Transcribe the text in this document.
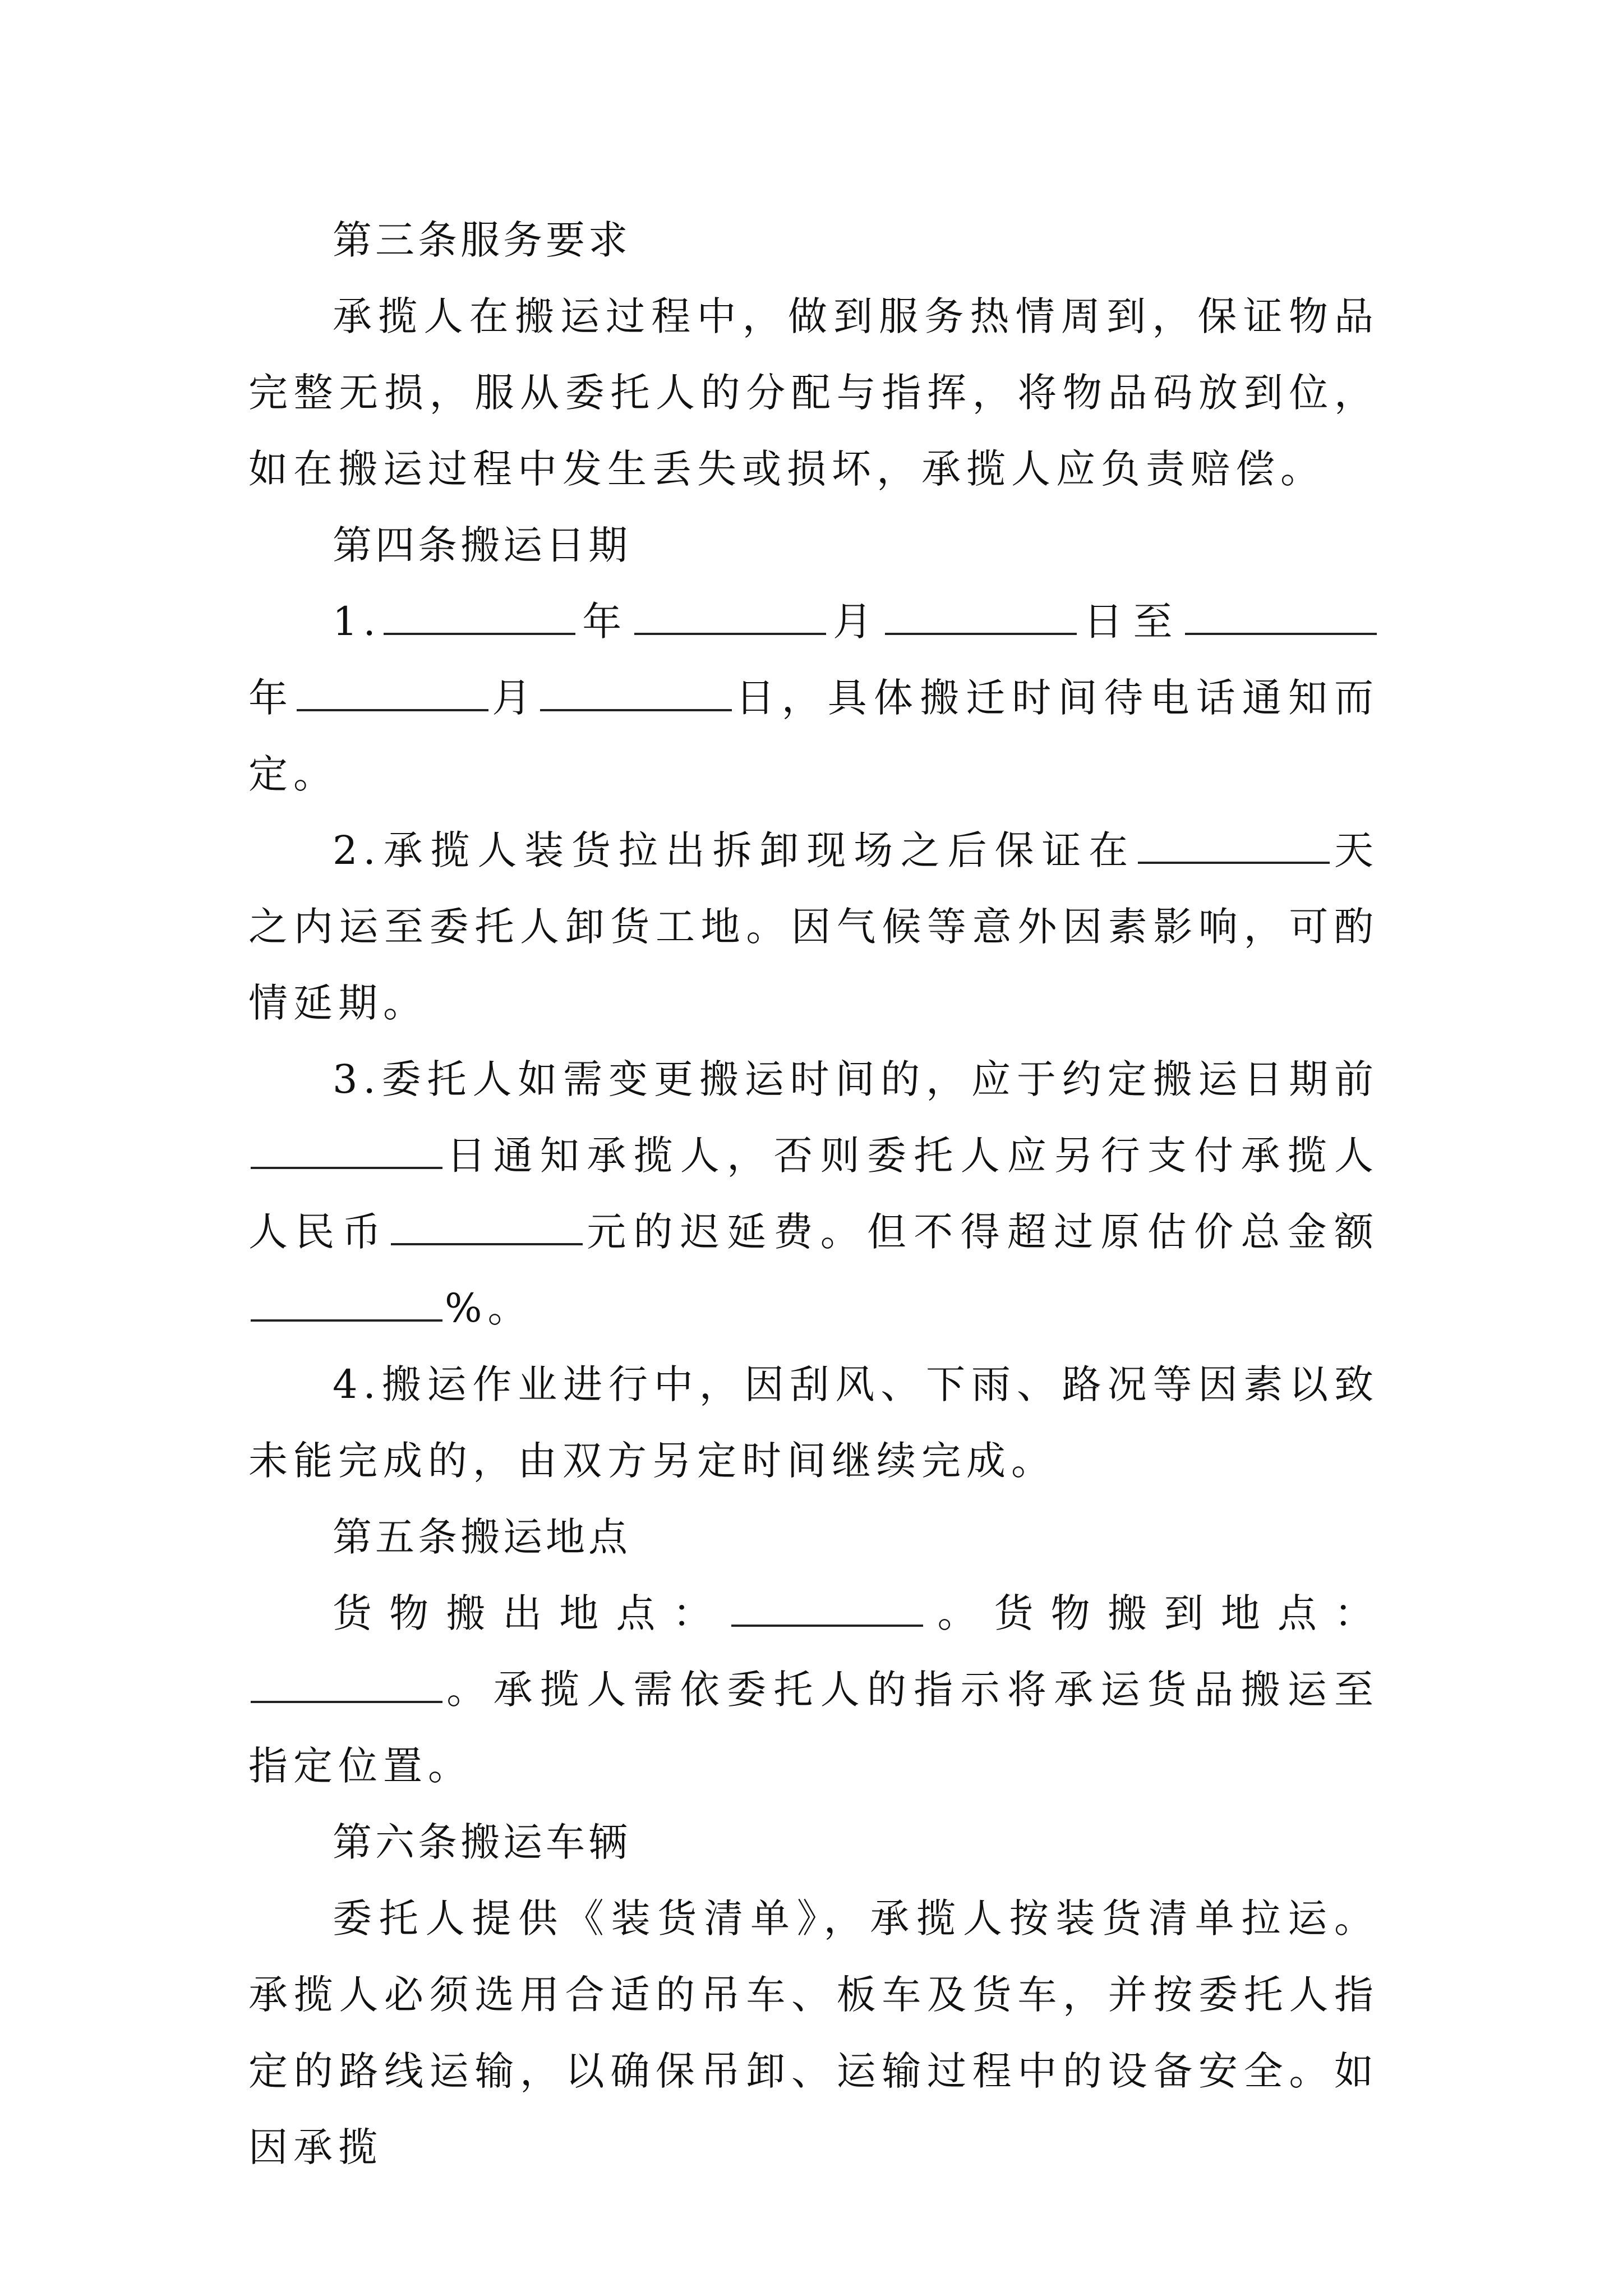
第三条服务要求

承揽人在搬运过程中，做到服务热情周到，保证物品完整无损，服从委托人的分配与指挥，将物品码放到位，如在搬运过程中发生丢失或损坏，承揽人应负责赔偿。

第四条搬运日期

1.	年	月	日至年	月	日，具体搬迁时间待电话通知而定。

2.承揽人装货拉出拆卸现场之后保证在	天之内运至委托人卸货工地。因气候等意外因素影响，可酌情延期。

3.委托人如需变更搬运时间的，应于约定搬运日期前日通知承揽人，否则委托人应另行支付承揽人人民币	元的迟延费。但不得超过原估价总金额%。

4.搬运作业进行中，因刮风、下雨、路况等因素以致未能完成的，由双方另定时间继续完成。

第五条搬运地点

货物搬出地点：	。货物搬到地点：。承揽人需依委托人的指示将承运货品搬运至指定位置。

第六条搬运车辆

委托人提供《装货清单》，承揽人按装货清单拉运。承揽人必须选用合适的吊车、板车及货车，并按委托人指定的路线运输，以确保吊卸、运输过程中的设备安全。如因承揽
